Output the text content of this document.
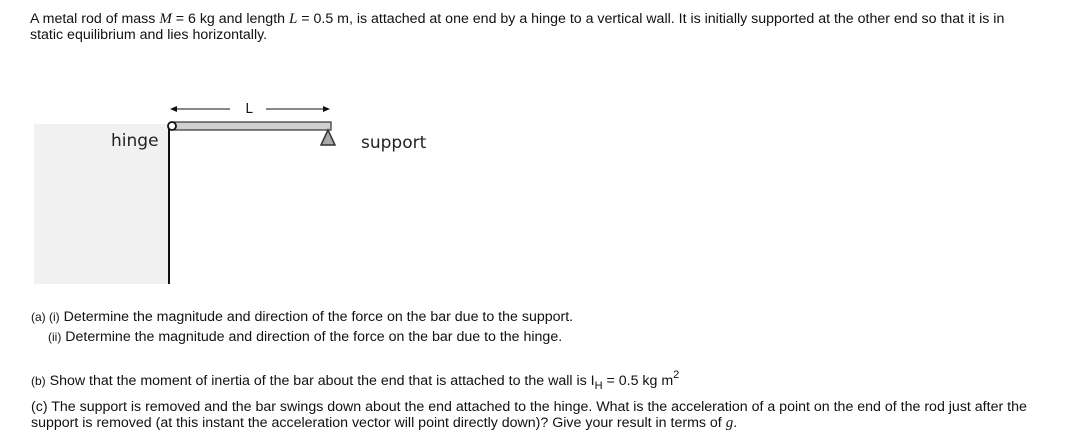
A metal rod of mass M = 6 kg and length L = 0.5 m, is attached at one end by a hinge to a vertical wall. It is initially supported at the other end so that it is in static equilibrium and lies horizontally.
L
hinge	support
(a) (i) Determine the magnitude and direction of the force on the bar due to the support.
(ii) Determine the magnitude and direction of the force on the bar due to the hinge.
(b) Show that the moment of inertia of the bar about the end that is attached to the wall is $I_H = 0.5$ kg $m^2$
(c) The support is removed and the bar swings down about the end attached to the hinge. What is the acceleration of a point on the end of the rod just after the support is removed (at this instant the acceleration vector will point directly down)? Give your result in terms of g.
